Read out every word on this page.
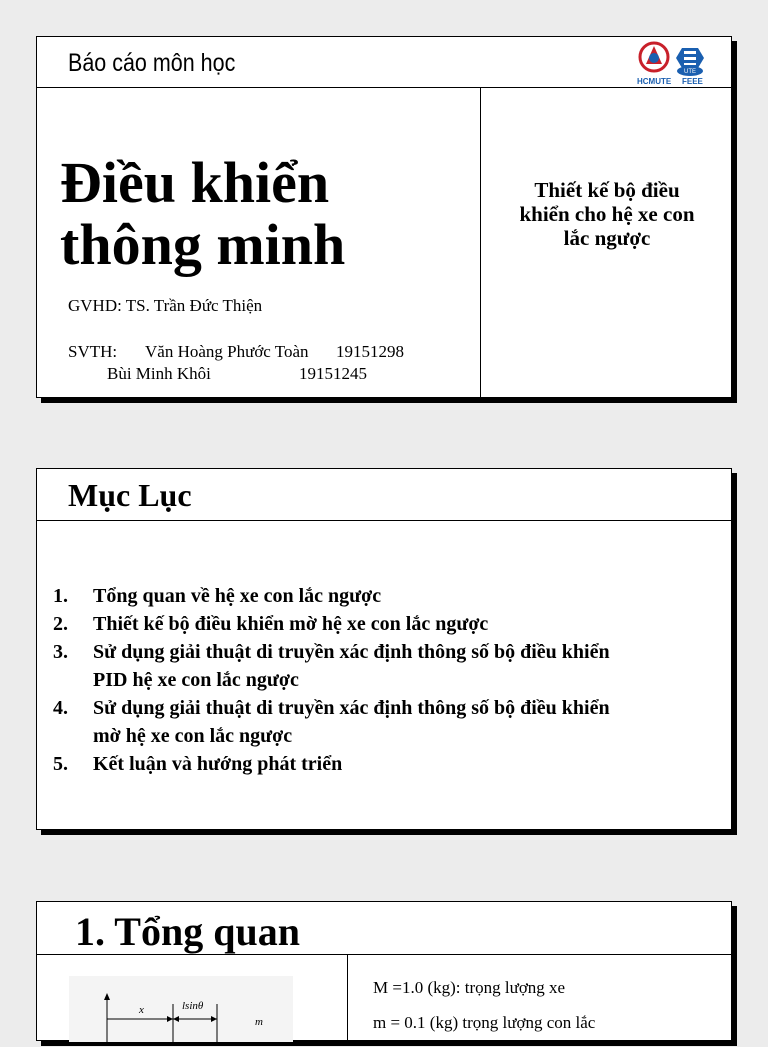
Báo cáo môn học	UTE
HCMUTE FEEE
Điều khiển
thông minh
GVHD: TS. Trần Đức Thiện
SVTH: Văn Hoàng Phước Toàn 19151298
Bùi Minh Khôi	19151245
Thiết kế bộ điều
khiển cho hệ xe con
lắc ngược
Mục Lục
1.	Tổng quan về hệ xe con lắc ngược
2.	Thiết kế bộ điều khiển mờ hệ xe con lắc ngược
3.	Sử dụng giải thuật di truyền xác định thông số bộ điều khiển
PID hệ xe con lắc ngược
4.	Sử dụng giải thuật di truyền xác định thông số bộ điều khiển
mờ hệ xe con lắc ngược
5.	Kết luận và hướng phát triển
1. Tổng quan
x	lsinθ
m
M =1.0 (kg): trọng lượng xe
m = 0.1 (kg) trọng lượng con lắc
